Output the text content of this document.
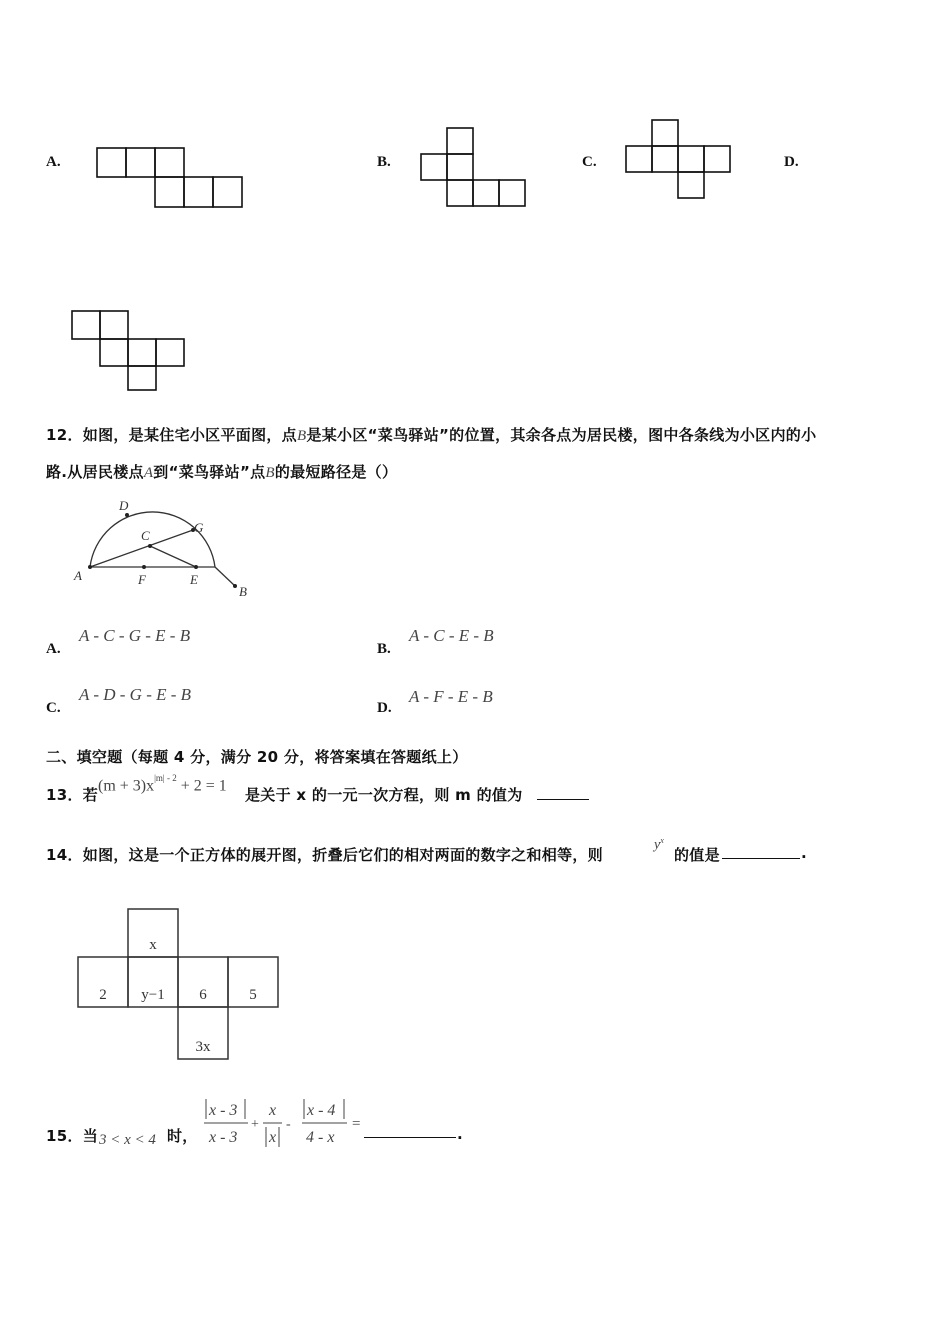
A.	B.	C.	D.
12．如图，是某住宅小区平面图，点B是某小区“菜鸟驿站”的位置，其余各点为居民楼，图中各条线为小区内的小
路.从居民楼点A到“菜鸟驿站”点B的最短路径是（）
A
D
C
G
F	E
B
A.
A - C - G - E - B
B.
A - C - E - B
C.
A - D - G - E - B
D.
A - F - E - B
二、填空题（每题 4 分，满分 20 分，将答案填在答题纸上）
13．若
$(m + 3)x^{|m| - 2} + 2 = 1$
是关于 x 的一元一次方程，则 m 的值为
14．如图，这是一个正方体的展开图，折叠后它们的相对两面的数字之和相等，则
$y^x$
的值是	.
x
2 y−1 6	5
3x
15．当 3 < x < 4 时，
x - 3
x - 3
+
x
x
-
x - 4
4 - x
=
.
